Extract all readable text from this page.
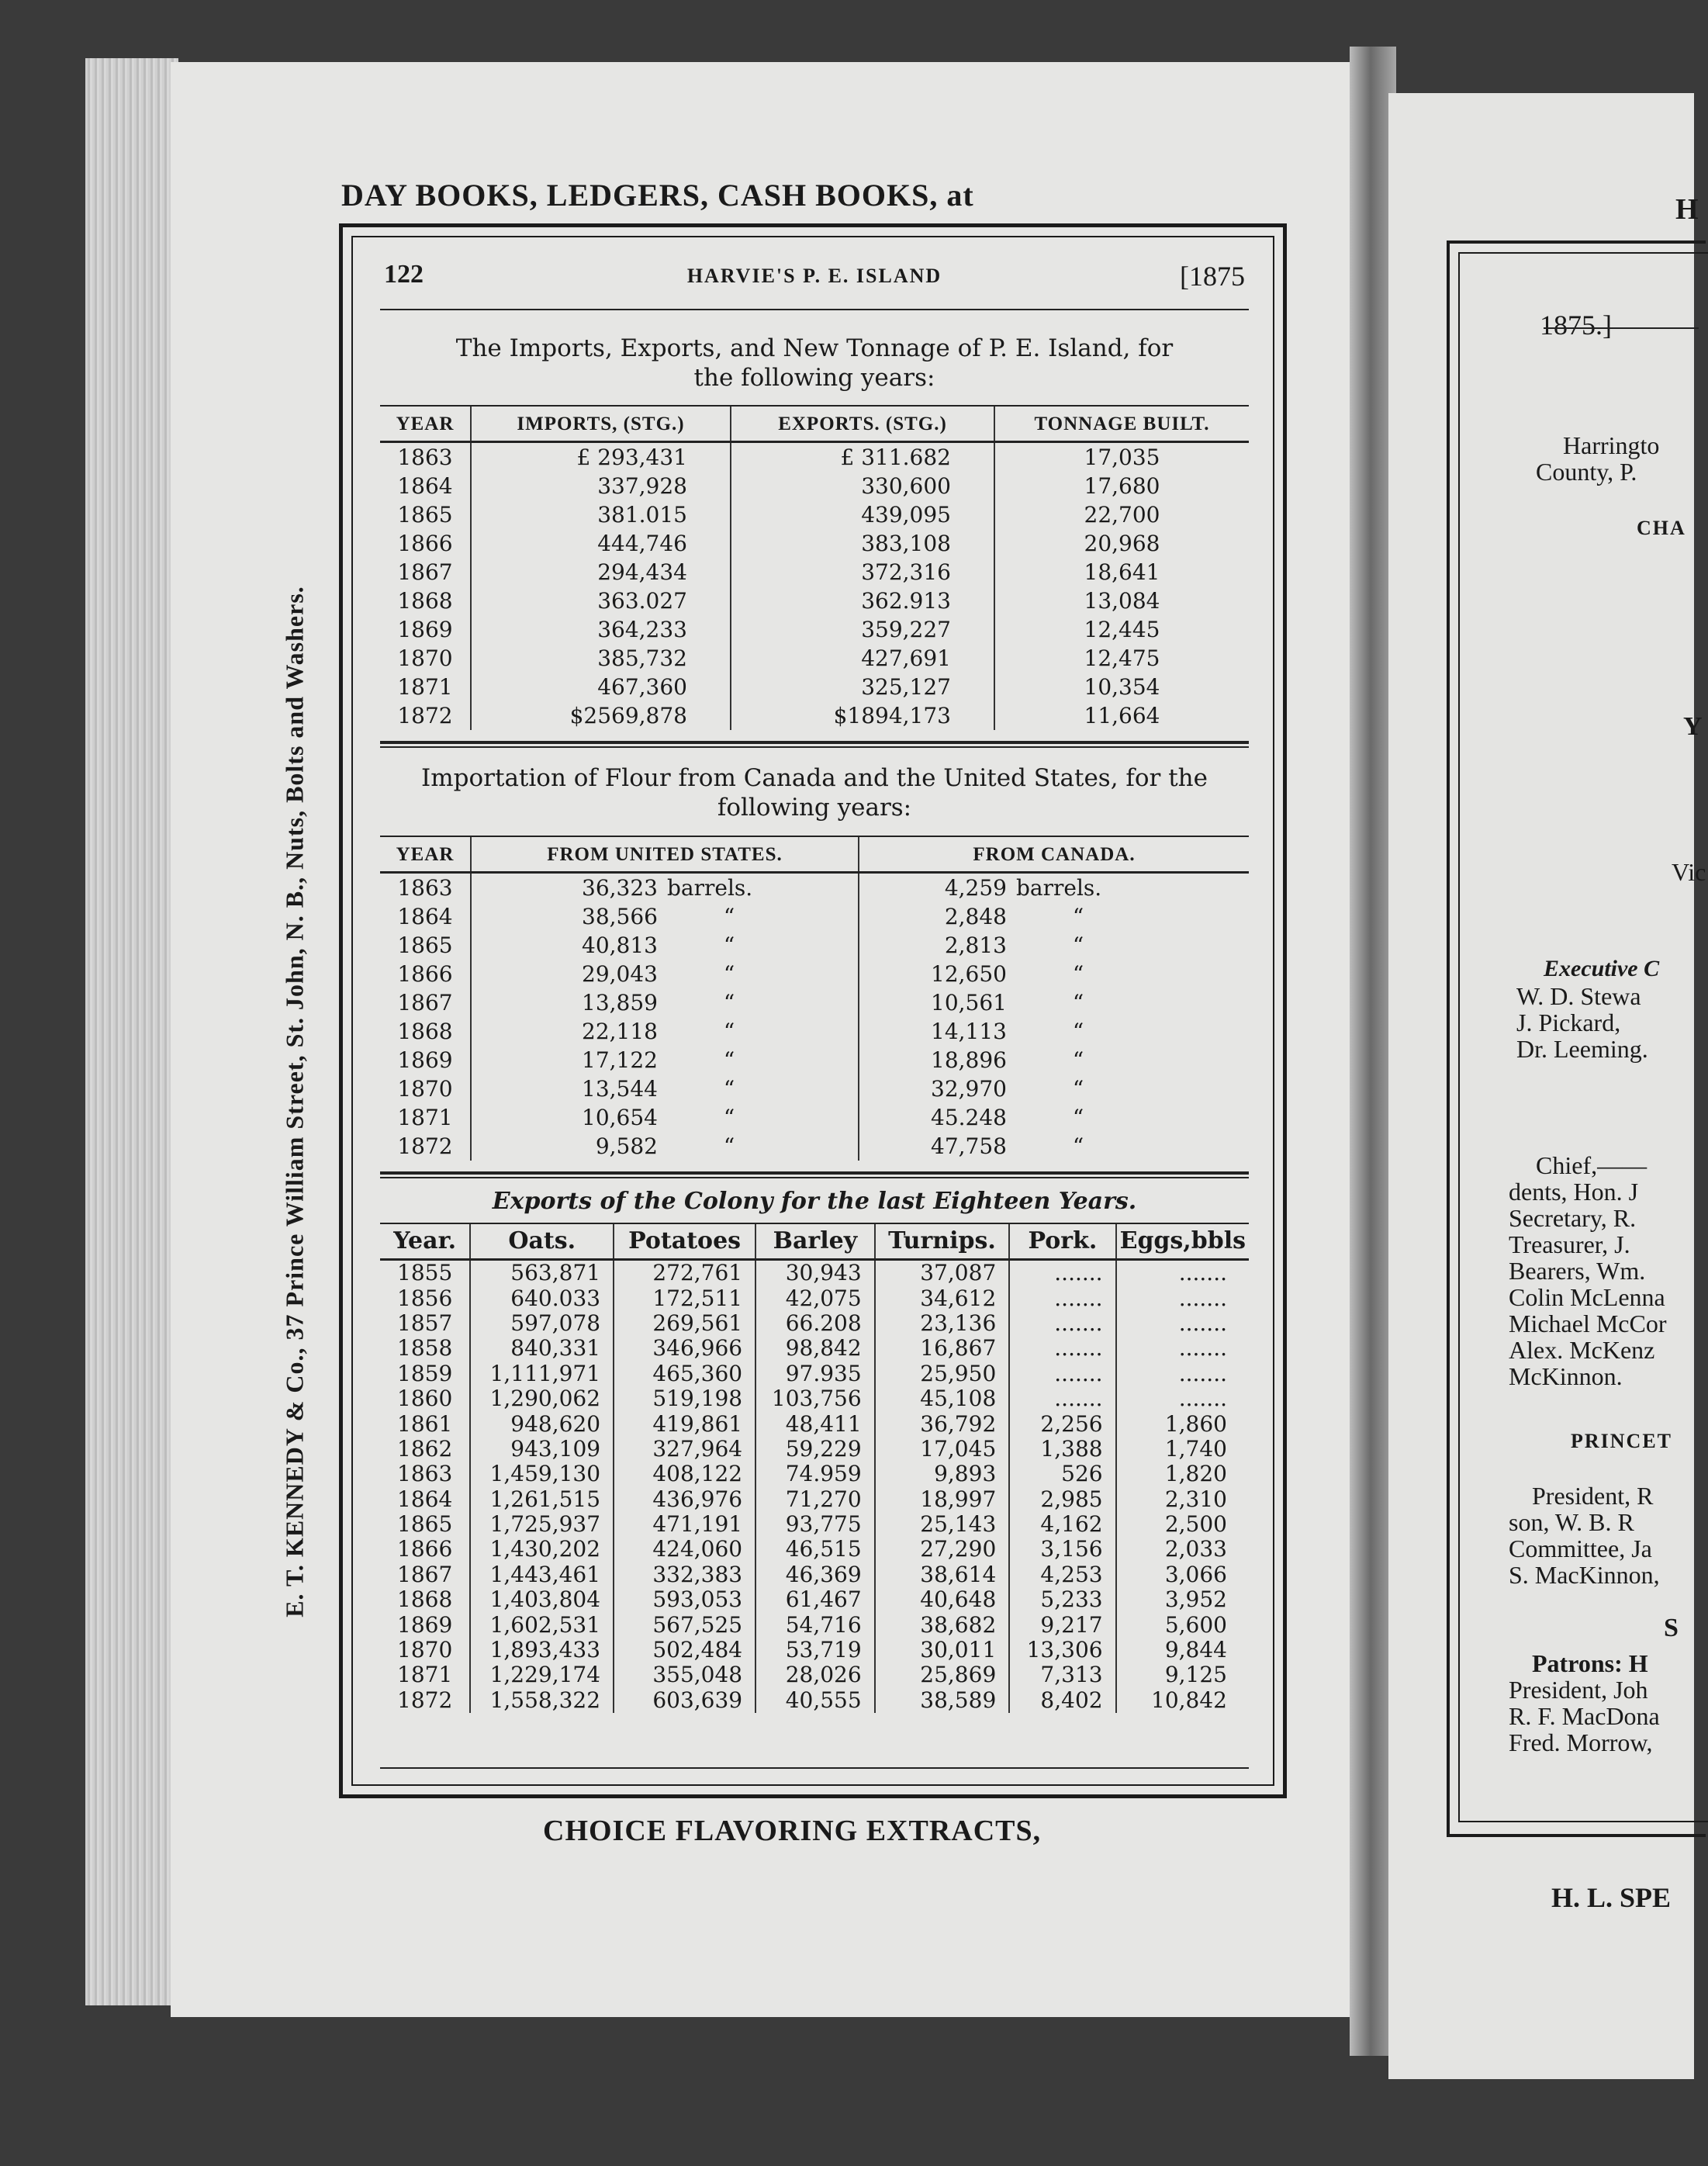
DAY BOOKS, LEDGERS, CASH BOOKS, at
E. T. KENNEDY & Co., 37 Prince William Street, St. John, N. B., Nuts, Bolts and Washers.
CHOICE FLAVORING EXTRACTS,
122	HARVIE'S P. E. ISLAND	[1875
The Imports, Exports, and New Tonnage of P. E. Island, for
the following years:
YEAR	IMPORTS, (STG.)	EXPORTS. (STG.)	TONNAGE BUILT.
1863	£ 293,431	£ 311.682	17,035
1864	337,928	330,600	17,680
1865	381.015	439,095	22,700
1866	444,746	383,108	20,968
1867	294,434	372,316	18,641
1868	363.027	362.913	13,084
1869	364,233	359,227	12,445
1870	385,732	427,691	12,475
1871	467,360	325,127	10,354
1872	$2569,878	$1894,173	11,664
Importation of Flour from Canada and the United States, for the
following years:
YEAR	FROM UNITED STATES.	FROM CANADA.
1863	36,323 barrels.	4,259 barrels.
1864	38,566 “	2,848 “
1865	40,813 “	2,813 “
1866	29,043 “	12,650 “
1867	13,859 “	10,561 “
1868	22,118 “	14,113 “
1869	17,122 “	18,896 “
1870	13,544 “	32,970 “
1871	10,654 “	45.248 “
1872	9,582 “	47,758 “
Exports of the Colony for the last Eighteen Years.
Year.	Oats.	Potatoes	Barley	Turnips.	Pork.	Eggs,bbls
1855	563,871	272,761	30,943	37,087	.......	.......
1856	640.033	172,511	42,075	34,612	.......	.......
1857	597,078	269,561	66.208	23,136	.......	.......
1858	840,331	346,966	98,842	16,867	.......	.......
1859	1,111,971	465,360	97.935	25,950	.......	.......
1860	1,290,062	519,198	103,756	45,108	.......	.......
1861	948,620	419,861	48,411	36,792	2,256	1,860
1862	943,109	327,964	59,229	17,045	1,388	1,740
1863	1,459,130	408,122	74.959	9,893	526	1,820
1864	1,261,515	436,976	71,270	18,997	2,985	2,310
1865	1,725,937	471,191	93,775	25,143	4,162	2,500
1866	1,430,202	424,060	46,515	27,290	3,156	2,033
1867	1,443,461	332,383	46,369	38,614	4,253	3,066
1868	1,403,804	593,053	61,467	40,648	5,233	3,952
1869	1,602,531	567,525	54,716	38,682	9,217	5,600
1870	1,893,433	502,484	53,719	30,011	13,306	9,844
1871	1,229,174	355,048	28,026	25,869	7,313	9,125
1872	1,558,322	603,639	40,555	38,589	8,402	10,842
H
1875.]
Harringto
County, P.
CHA
Y
Vic
Executive C
W. D. Stewa
J. Pickard,
Dr. Leeming.
Chief,——
dents, Hon. J
Secretary, R.
Treasurer, J.
Bearers, Wm.
Colin McLenna
Michael McCor
Alex. McKenz
McKinnon.
PRINCET
President, R
son, W. B. R
Committee, Ja
S. MacKinnon,
S
Patrons: H
President, Joh
R. F. MacDona
Fred. Morrow,
H. L. SPE
